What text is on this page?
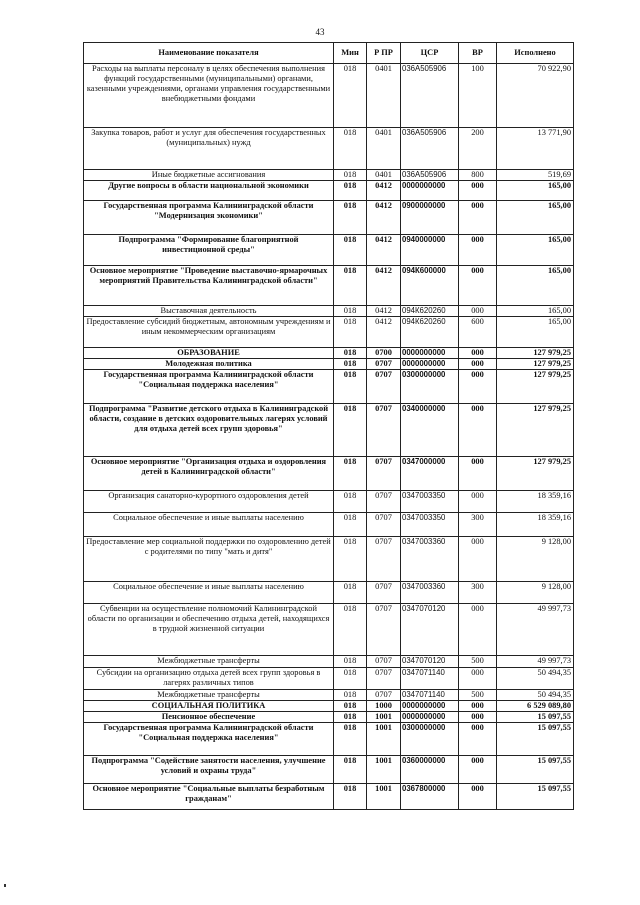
43
Наименование показателя	Мин	Р ПР	ЦСР	ВР	Исполнено
Расходы на выплаты персоналу в целях обеспечения выполнения функций государственными (муниципальными) органами, казенными учреждениями, органами управления государственными внебюджетными фондами	018	0401	036А505906	100	70 922,90
Закупка товаров, работ и услуг для обеспечения государственных (муниципальных) нужд	018	0401	036А505906	200	13 771,90
Иные бюджетные ассигнования	018	0401	036А505906	800	519,69
Другие вопросы в области национальной экономики	018	0412	0000000000	000	165,00
Государственная программа Калининградской области "Модернизация экономики"	018	0412	0900000000	000	165,00
Подпрограмма "Формирование благоприятной инвестиционной среды"	018	0412	0940000000	000	165,00
Основное мероприятие "Проведение выставочно-ярмарочных мероприятий Правительства Калининградской области"	018	0412	094К600000	000	165,00
Выставочная деятельность	018	0412	094К620260	000	165,00
Предоставление субсидий бюджетным, автономным учреждениям и иным некоммерческим организациям	018	0412	094К620260	600	165,00
ОБРАЗОВАНИЕ	018	0700	0000000000	000	127 979,25
Молодежная политика	018	0707	0000000000	000	127 979,25
Государственная программа Калининградской области "Социальная поддержка населения"	018	0707	0300000000	000	127 979,25
Подпрограмма "Развитие детского отдыха в Калининградской области, создание в детских оздоровительных лагерях условий для отдыха детей всех групп здоровья"	018	0707	0340000000	000	127 979,25
Основное мероприятие "Организация отдыха и оздоровления детей в Калининградской области"	018	0707	0347000000	000	127 979,25
Организация санаторно-курортного оздоровления детей	018	0707	0347003350	000	18 359,16
Социальное обеспечение и иные выплаты населению	018	0707	0347003350	300	18 359,16
Предоставление мер социальной поддержки по оздоровлению детей с родителями по типу "мать и дитя"	018	0707	0347003360	000	9 128,00
Социальное обеспечение и иные выплаты населению	018	0707	0347003360	300	9 128,00
Субвенции на осуществление полномочий Калининградской области по организации и обеспечению отдыха детей, находящихся в трудной жизненной ситуации	018	0707	0347070120	000	49 997,73
Межбюджетные трансферты	018	0707	0347070120	500	49 997,73
Субсидии на организацию отдыха детей всех групп здоровья в лагерях различных типов	018	0707	0347071140	000	50 494,35
Межбюджетные трансферты	018	0707	0347071140	500	50 494,35
СОЦИАЛЬНАЯ ПОЛИТИКА	018	1000	0000000000	000	6 529 089,80
Пенсионное обеспечение	018	1001	0000000000	000	15 097,55
Государственная программа Калининградской области "Социальная поддержка населения"	018	1001	0300000000	000	15 097,55
Подпрограмма "Содействие занятости населения, улучшение условий и охраны труда"	018	1001	0360000000	000	15 097,55
Основное мероприятие "Социальные выплаты безработным гражданам"	018	1001	0367800000	000	15 097,55
